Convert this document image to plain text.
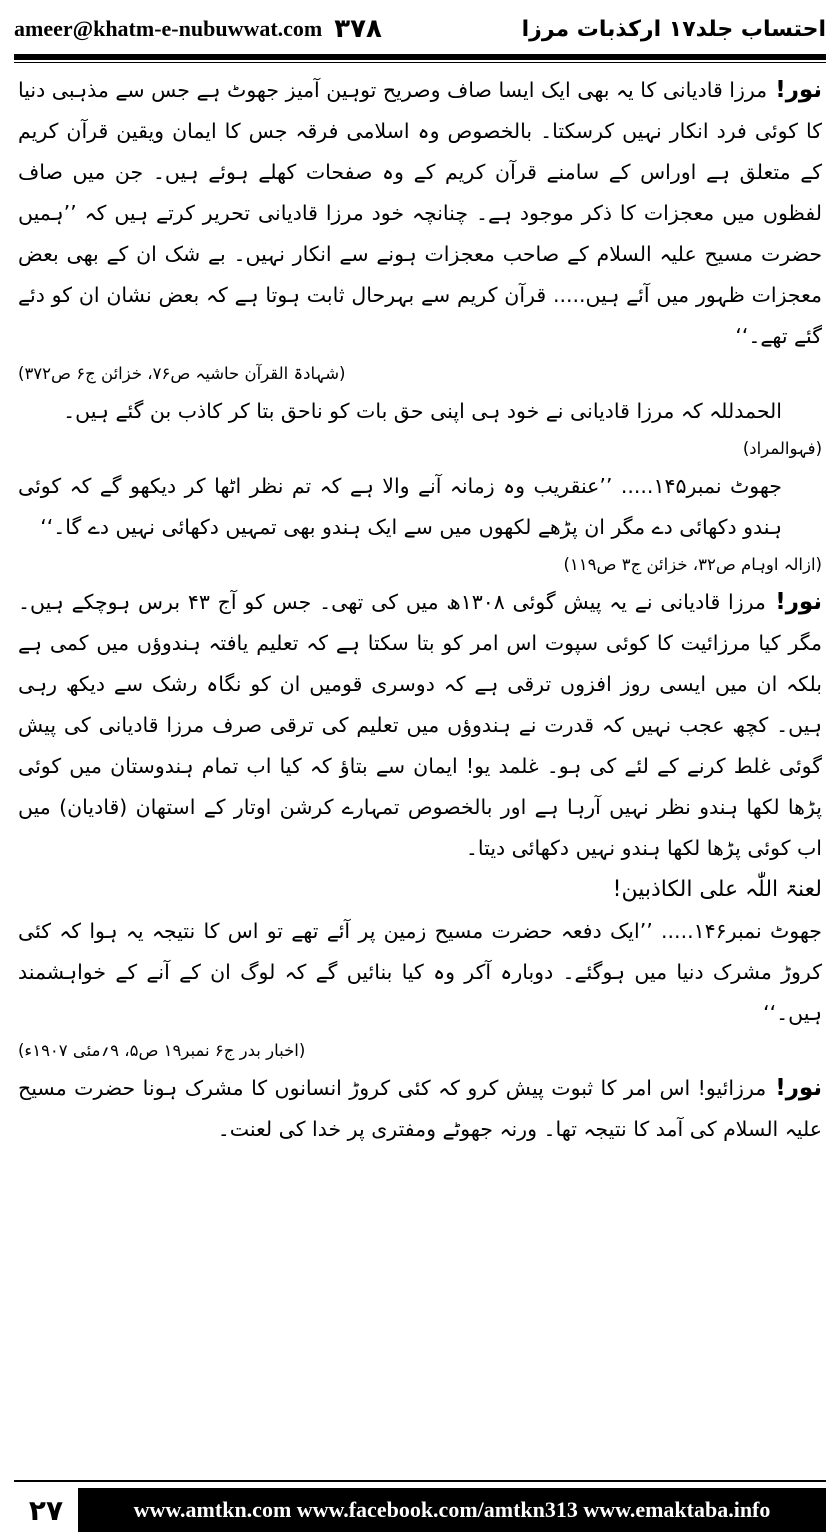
ameer@khatm-e-nubuwwat.com ۳۷۸	احتساب جلد۱۷ ارکذبات مرزا

نور! مرزا قادیانی کا یہ بھی ایک ایسا صاف وصریح توہین آمیز جھوٹ ہے جس سے مذہبی دنیا کا کوئی فرد انکار نہیں کرسکتا۔ بالخصوص وہ اسلامی فرقہ جس کا ایمان ویقین قرآن کریم کے متعلق ہے اوراس کے سامنے قرآن کریم کے وہ صفحات کھلے ہوئے ہیں۔ جن میں صاف لفظوں میں معجزات کا ذکر موجود ہے۔ چنانچہ خود مرزا قادیانی تحریر کرتے ہیں کہ ’’ہمیں حضرت مسیح علیہ السلام کے صاحب معجزات ہونے سے انکار نہیں۔ بے شک ان کے بھی بعض معجزات ظہور میں آئے ہیں..... قرآن کریم سے بہرحال ثابت ہوتا ہے کہ بعض نشان ان کو دئے گئے تھے۔‘‘

(شہادۃ القرآن حاشیہ ص۷۶، خزائن ج۶ ص۳۷۲)

الحمدللہ کہ مرزا قادیانی نے خود ہی اپنی حق بات کو ناحق بتا کر کاذب بن گئے ہیں۔

(فہوالمراد)

جھوٹ نمبر۱۴۵..... ’’عنقریب وہ زمانہ آنے والا ہے کہ تم نظر اٹھا کر دیکھو گے کہ کوئی ہندو دکھائی دے مگر ان پڑھے لکھوں میں سے ایک ہندو بھی تمہیں دکھائی نہیں دے گا۔‘‘

(ازالہ اوہام ص۳۲، خزائن ج۳ ص۱۱۹)

نور! مرزا قادیانی نے یہ پیش گوئی ۱۳۰۸ھ میں کی تھی۔ جس کو آج ۴۳ برس ہوچکے ہیں۔ مگر کیا مرزائیت کا کوئی سپوت اس امر کو بتا سکتا ہے کہ تعلیم یافتہ ہندوؤں میں کمی ہے بلکہ ان میں ایسی روز افزوں ترقی ہے کہ دوسری قومیں ان کو نگاہ رشک سے دیکھ رہی ہیں۔ کچھ عجب نہیں کہ قدرت نے ہندوؤں میں تعلیم کی ترقی صرف مرزا قادیانی کی پیش گوئی غلط کرنے کے لئے کی ہو۔ غلمد یو! ایمان سے بتاؤ کہ کیا اب تمام ہندوستان میں کوئی پڑھا لکھا ہندو نظر نہیں آرہا ہے اور بالخصوص تمہارے کرشن اوتار کے استھان (قادیان) میں اب کوئی پڑھا لکھا ہندو نہیں دکھائی دیتا۔

لعنۃ اللّٰہ علی الکاذبین!

جھوٹ نمبر۱۴۶..... ’’ایک دفعہ حضرت مسیح زمین پر آئے تھے تو اس کا نتیجہ یہ ہوا کہ کئی کروڑ مشرک دنیا میں ہوگئے۔ دوبارہ آکر وہ کیا بنائیں گے کہ لوگ ان کے آنے کے خواہشمند ہیں۔‘‘

(اخبار بدر ج۶ نمبر۱۹ ص۵، ۹؍مئی ۱۹۰۷ء)

نور! مرزائیو! اس امر کا ثبوت پیش کرو کہ کئی کروڑ انسانوں کا مشرک ہونا حضرت مسیح علیہ السلام کی آمد کا نتیجہ تھا۔ ورنہ جھوٹے ومفتری پر خدا کی لعنت۔

۲۷	www.amtkn.com www.facebook.com/amtkn313 www.emaktaba.info
